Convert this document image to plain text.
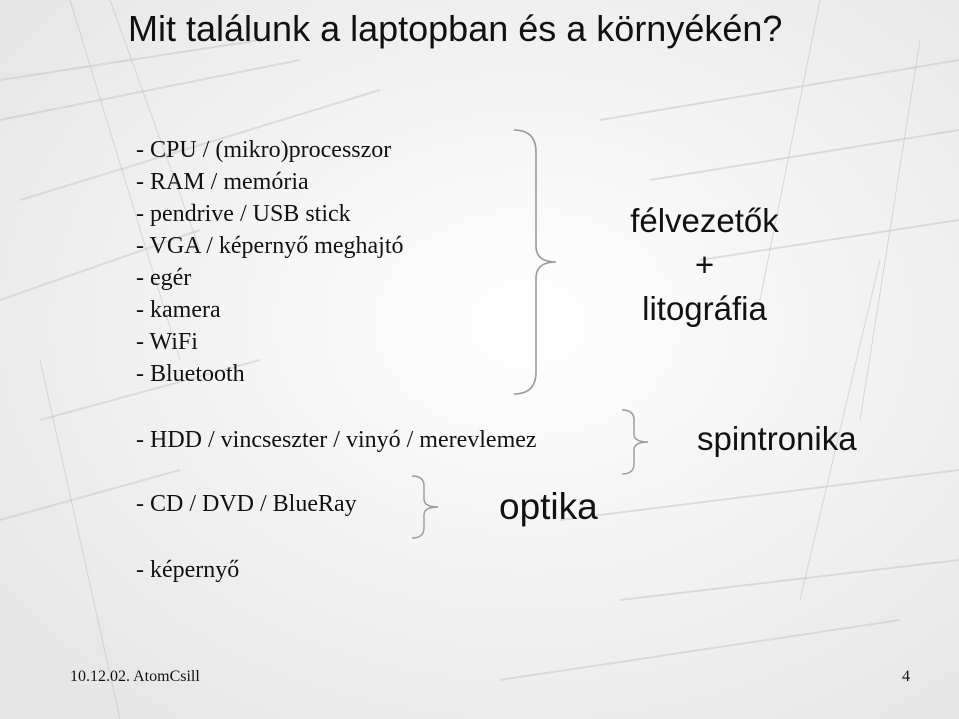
Mit találunk a laptopban és a környékén?
- CPU / (mikro)processzor
- RAM / memória
- pendrive / USB stick
- VGA / képernyő meghajtó
- egér
- kamera
- WiFi
- Bluetooth
félvezetők
+
litográfia
- HDD / vincseszter / vinyó / merevlemez	spintronika
- CD / DVD / BlueRay	optika
- képernyő
10.12.02. AtomCsill	4
